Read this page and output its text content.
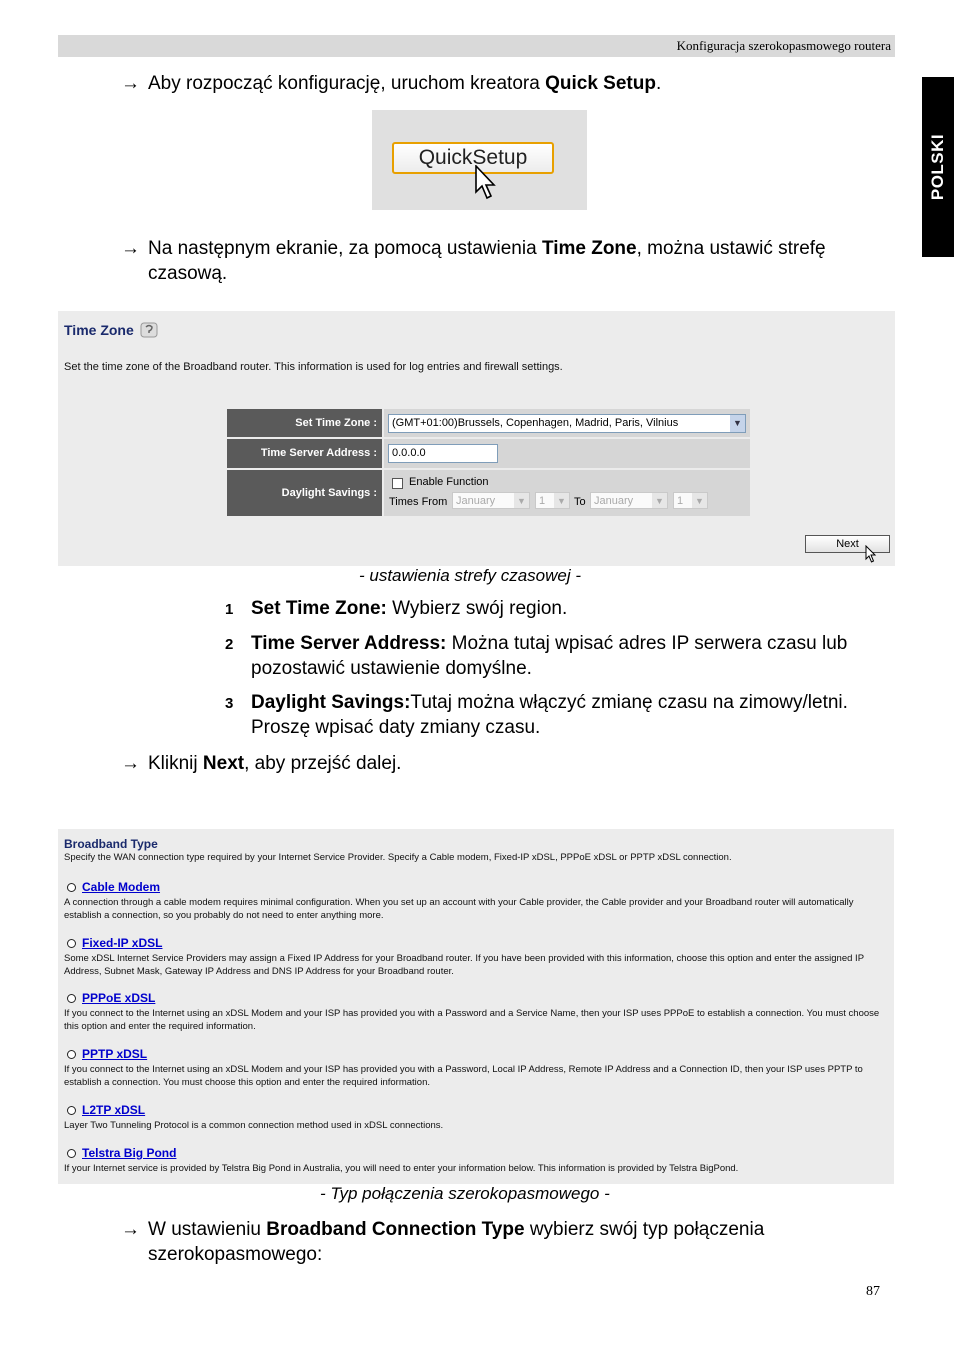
Konfiguracja szerokopasmowego routera
POLSKI
→ Aby rozpocząć konfigurację, uruchom kreatora Quick Setup.
QuickSetup
→ Na następnym ekranie, za pomocą ustawienia Time Zone, można ustawić strefę
czasową.
Time Zone
Set the time zone of the Broadband router. This information is used for log entries and firewall settings.
Set Time Zone :	(GMT+01:00)Brussels, Copenhagen, Madrid, Paris, Vilnius	▼
Time Server Address :	0.0.0.0
Daylight Savings :
Enable Function
Times From January	▼	1	▼ To January	▼	1	▼
Next
- ustawienia strefy czasowej -
1 Set Time Zone: Wybierz swój region.
2 Time Server Address: Można tutaj wpisać adres IP serwera czasu lub
pozostawić ustawienie domyślne.
3 Daylight Savings:Tutaj można włączyć zmianę czasu na zimowy/letni.
Proszę wpisać daty zmiany czasu.
→ Kliknij Next, aby przejść dalej.
Broadband Type
Specify the WAN connection type required by your Internet Service Provider. Specify a Cable modem, Fixed-IP xDSL, PPPoE xDSL or PPTP xDSL connection.
Cable Modem
A connection through a cable modem requires minimal configuration. When you set up an account with your Cable provider, the Cable provider and your Broadband router will automatically establish a connection, so you probably do not need to enter anything more.
Fixed-IP xDSL
Some xDSL Internet Service Providers may assign a Fixed IP Address for your Broadband router. If you have been provided with this information, choose this option and enter the assigned IP Address, Subnet Mask, Gateway IP Address and DNS IP Address for your Broadband router.
PPPoE xDSL
If you connect to the Internet using an xDSL Modem and your ISP has provided you with a Password and a Service Name, then your ISP uses PPPoE to establish a connection. You must choose this option and enter the required information.
PPTP xDSL
If you connect to the Internet using an xDSL Modem and your ISP has provided you with a Password, Local IP Address, Remote IP Address and a Connection ID, then your ISP uses PPTP to establish a connection. You must choose this option and enter the required information.
L2TP xDSL
Layer Two Tunneling Protocol is a common connection method used in xDSL connections.
Telstra Big Pond
If your Internet service is provided by Telstra Big Pond in Australia, you will need to enter your information below. This information is provided by Telstra BigPond.
- Typ połączenia szerokopasmowego -
→ W ustawieniu Broadband Connection Type wybierz swój typ połączenia
szerokopasmowego:
87
